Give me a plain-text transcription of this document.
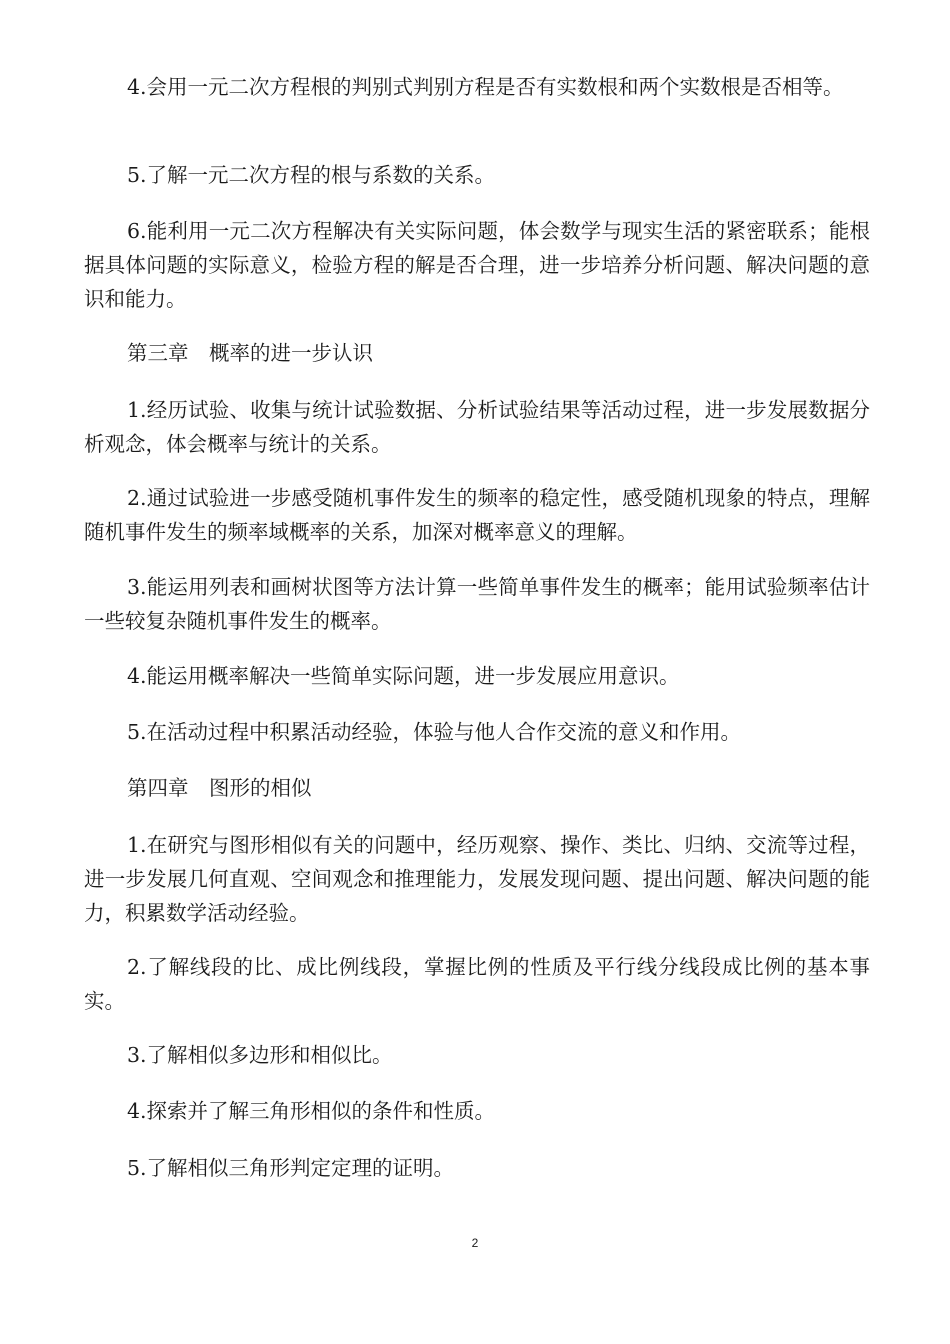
4.会用一元二次方程根的判别式判别方程是否有实数根和两个实数根是否相等。

5.了解一元二次方程的根与系数的关系。

6.能利用一元二次方程解决有关实际问题，体会数学与现实生活的紧密联系；能根据具体问题的实际意义，检验方程的解是否合理，进一步培养分析问题、解决问题的意识和能力。

第三章　概率的进一步认识

1.经历试验、收集与统计试验数据、分析试验结果等活动过程，进一步发展数据分析观念，体会概率与统计的关系。

2.通过试验进一步感受随机事件发生的频率的稳定性，感受随机现象的特点，理解随机事件发生的频率域概率的关系，加深对概率意义的理解。

3.能运用列表和画树状图等方法计算一些简单事件发生的概率；能用试验频率估计一些较复杂随机事件发生的概率。

4.能运用概率解决一些简单实际问题，进一步发展应用意识。

5.在活动过程中积累活动经验，体验与他人合作交流的意义和作用。

第四章　图形的相似

1.在研究与图形相似有关的问题中，经历观察、操作、类比、归纳、交流等过程，进一步发展几何直观、空间观念和推理能力，发展发现问题、提出问题、解决问题的能力，积累数学活动经验。

2.了解线段的比、成比例线段，掌握比例的性质及平行线分线段成比例的基本事实。

3.了解相似多边形和相似比。

4.探索并了解三角形相似的条件和性质。

5.了解相似三角形判定定理的证明。

2
